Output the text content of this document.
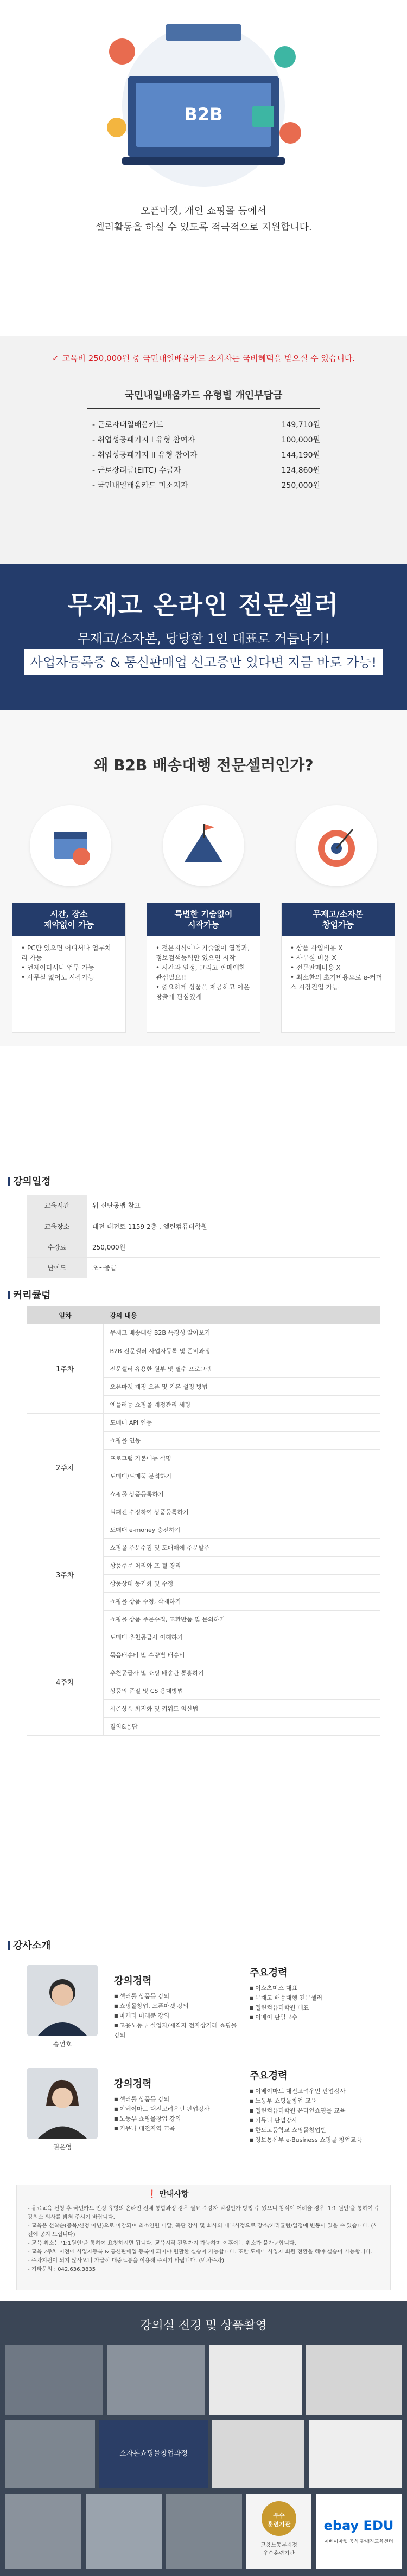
B2B
오픈마켓, 개인 쇼핑몰 등에서
셀러활동을 하실 수 있도록 적극적으로 지원합니다.
✓ 교육비 250,000원 중 국민내일배움카드 소지자는 국비혜택을 받으실 수 있습니다.
국민내일배움카드 유형별 개인부담금
- 근로자내일배움카드	149,710원
- 취업성공패키지 I 유형 참여자	100,000원
- 취업성공패키지 II 유형 참여자	144,190원
- 근로장려금(EITC) 수급자	124,860원
- 국민내일배움카드 미소지자	250,000원
무재고 온라인 전문셀러
무재고/소자본, 당당한 1인 대표로 거듭나기!
사업자등록증 & 통신판매업 신고증만 있다면 지금 바로 가능!
왜 B2B 배송대행 전문셀러인가?
시간, 장소
제약없이 가능
• PC만 있으면 어디서나 업무처리 가능
• 언제어디서나 업무 가능
• 사무실 없어도 시작가능
특별한 기술없이
시작가능
• 전문지식이나 기술없이 열정과, 정보검색능력만 있으면 시작
• 시간과 열정, 그리고 판매에한 관심필요!!
• 중요하게 상품을 제공하고 이윤창출에 관심있게
무재고/소자본
창업가능
• 상품 사입비용 X
• 사무실 비용 X
• 전문판매비용 X
• 최소한의 초기비용으로 e-커머스 시장진입 가능
강의일정
교육시간	위 신단공맵 참고
교육장소	대전 대전로 1159 2층 , 엘린컴퓨터학원
수강료	250,000원
난이도	초~중급
커리큘럼
일차	강의 내용
1주차	무재고 배송대행 B2B 특징성 알아보기
	B2B 전문셀러 사업자등록 및 준비과정
	전문셀러 유용한 원부 및 필수 프로그램
	오픈마켓 계정 오픈 및 기본 설정 방법
	엔틀러등 쇼핑몰 계정관리 세팅
2주차	도매매 API 연동
	쇼핑몰 연동
	프로그램 기본매뉴 설명
	도매매/도매꾹 분석하기
	쇼핑몰 상품등록하기
	실패전 수정하여 상품등록하기
3주차	도매매 e-money 충전하기
	쇼핑몰 주문수집 및 도매매에 주문발주
	상품주문 처리와 프 될 경리
	상품상태 동기화 및 수정
	쇼핑몰 상품 수정, 삭제하기
	쇼핑몰 상품 주문수집, 교환반품 및 문의하기
4주차	도매매 추천공급사 이해하기
	묶음배송비 및 수량별 배송비
	추천공급사 및 쇼핑 배송관 통홍하기
	상품의 품절 및 CS 용대방법
	시즌상품 최적화 및 키워드 임산법
	질의&응답
강사소개
송연호
강의경력
■ 셀러툴 상품등 강의
■ 쇼핑몰창업, 오픈마켓 강의
■ 마케터 미래분 강의
■ 고용노동부 실업자/재직자 전자상거래 쇼핑몰 강의
주요경력
■ 이쇼츠미스 대표
■ 무재고 배송대행 전문셀러
■ 엘린컴퓨터학원 대표
■ 이베이 판일교수
권은영
강의경력
■ 셀러툴 상품등 강의
■ 이베이마트 대전고려우먼 판업강사
■ 노동부 쇼핑몰창업 강의
■ 커뮤니 대전지역 교육
주요경력
■ 이베이마트 대전고려우먼 판업강사
■ 노동부 쇼핑몰창업 교육
■ 엘린컴퓨터학원 온라인쇼핑몰 교육
■ 커뮤니 판업강사
■ 한도고등학교 쇼핑몰창업반
■ 정보통신부 e-Business 쇼핑몰 창업교육
❗ 안내사항

- 유료교육 신청 후 국민카드 인정 유형의 온라인 전체 통합과정 경우 필요 수강자 적정인가 방법 수 있으니 참석이 어려울 경우 '1:1 원인'을 통하여 수강최소 의사를 밝혀 주시기 바랍니다.

- 교육은 선착순(중복/신청 아닌)으로 마감되며 최소인원 미달, 폭판 강사 및 회사의 내부사정으로 장소/커리큘럼/일정에 변동이 있을 수 있습니다. (사전에 공지 드립니다)

- 교육 취소는 '1:1원인'을 통하여 요청하시면 됩니다. 교육시작 전일까지 가능하며 이후에는 취소가 불가능합니다.

- 교육 2주차 이전에 사업자등록 & 통신판매업 등록이 되어야 원활한 실습이 가능합니다. 또한 도매매 사업자 회원 전환을 해야 실습이 가능합니다.

- 주차지원이 되지 않사오니 가급적 대중교통을 이용해 주시기 바랍니다. (막차주차)

- 기타문의 : 042.636.3835

강의실 전경 및 상품촬영
소자본쇼핑몰창업과정
우수
훈련기관
고용노동부지정
우수훈련기관
ebay EDU
이베이마켓 공식 판매자교육센터
